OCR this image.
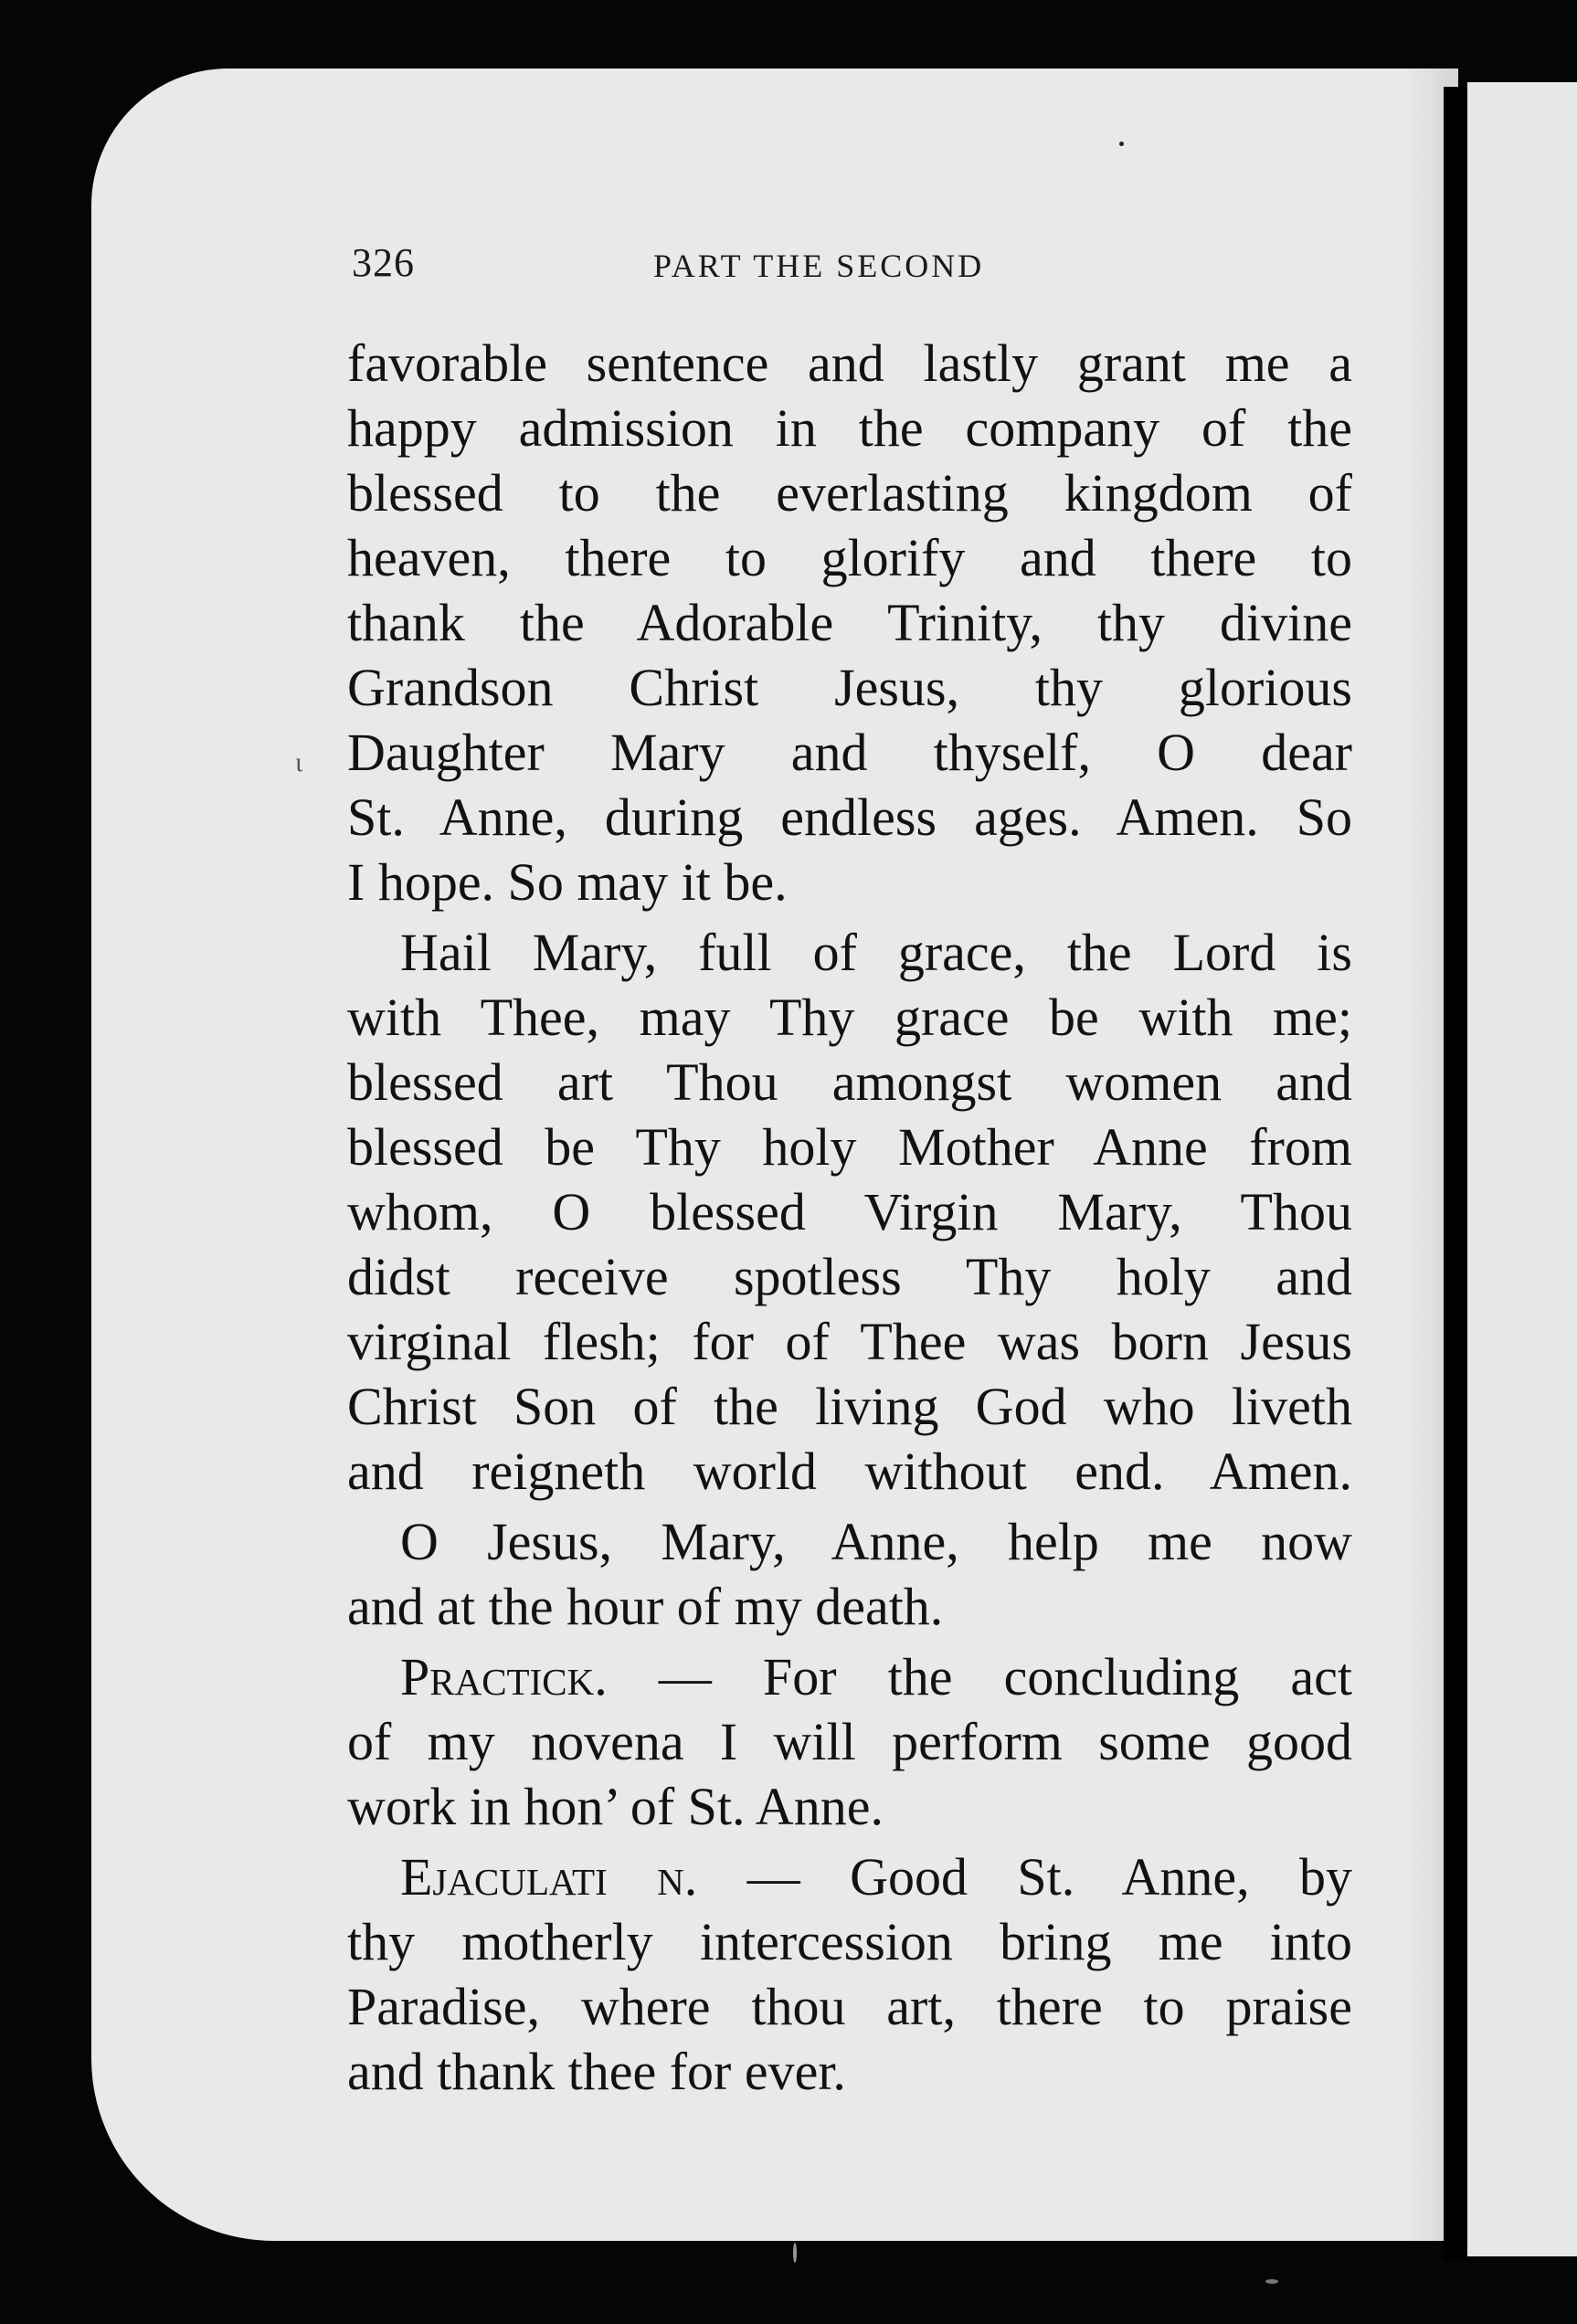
326	PART THE SECOND
ι
favorable sentence and lastly grant me a
happy admission in the company of the
blessed to the everlasting kingdom of
heaven, there to glorify and there to
thank the Adorable Trinity, thy divine
Grandson Christ Jesus, thy glorious
Daughter Mary and thyself, O dear
St. Anne, during endless ages. Amen. So
I hope. So may it be.
Hail Mary, full of grace, the Lord is
with Thee, may Thy grace be with me;
blessed art Thou amongst women and
blessed be Thy holy Mother Anne from
whom, O blessed Virgin Mary, Thou
didst receive spotless Thy holy and
virginal flesh; for of Thee was born Jesus
Christ Son of the living God who liveth
and reigneth world without end. Amen.
O Jesus, Mary, Anne, help me now
and at the hour of my death.
Practick. — For the concluding act
of my novena I will perform some good
work in hon’ of St. Anne.
Ejaculati n. — Good St. Anne, by
thy motherly intercession bring me into
Paradise, where thou art, there to praise
and thank thee for ever.
